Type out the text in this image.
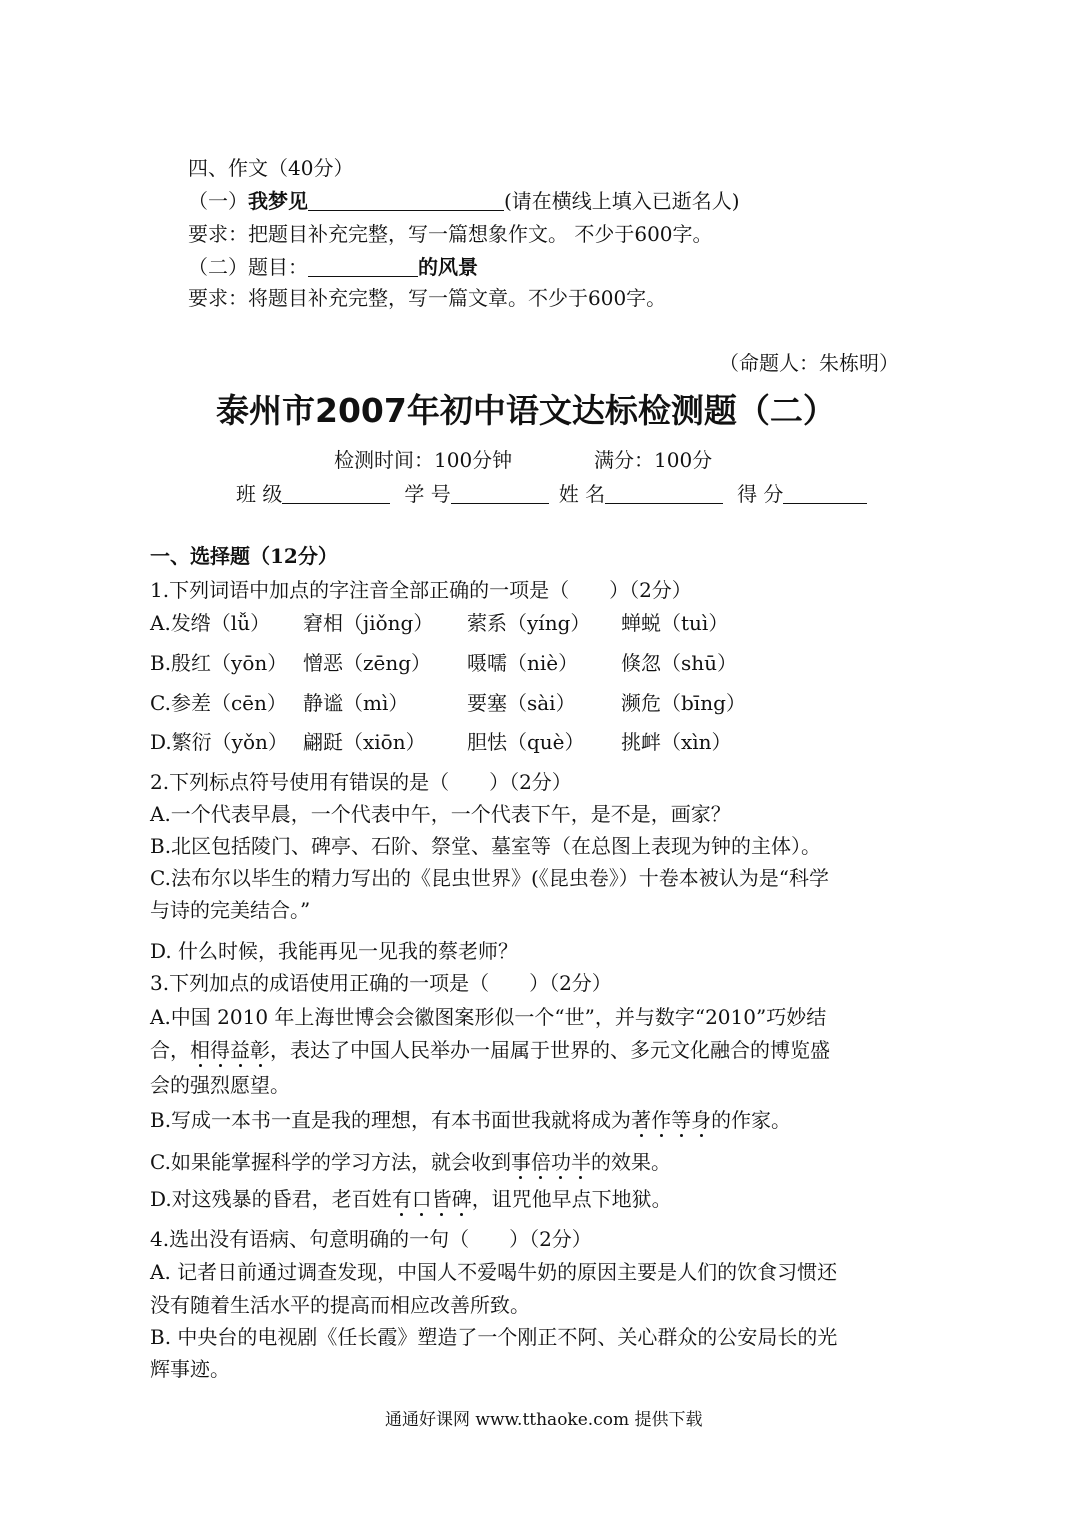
四、作文（40分）
（一）我梦见	(请在横线上填入已逝名人)
要求：把题目补充完整，写一篇想象作文。 不少于600字。
（二）题目：	的风景
要求：将题目补充完整，写一篇文章。不少于600字。
（命题人：朱栋明）
泰州市2007年初中语文达标检测题（二）
检测时间：100分钟	满分：100分
班 级	学 号	姓 名	得 分
一、选择题（12分）
1.下列词语中加点的字注音全部正确的一项是（　　）（2分）
A.发绺（lǚ） 窘相（jiǒng） 萦系（yíng） 蝉蜕（tuì）
B.殷红（yōn） 憎恶（zēng） 嗫嚅（niè） 倏忽（shū）
C.参差（cēn） 静谧（mì）	要塞（sài） 濒危（bīng）
D.繁衍（yǒn） 翩跹（xiōn） 胆怯（què） 挑衅（xìn）
2.下列标点符号使用有错误的是（　　）（2分）
A.一个代表早晨，一个代表中午，一个代表下午，是不是，画家？
B.北区包括陵门、碑亭、石阶、祭堂、墓室等（在总图上表现为钟的主体）。
C.法布尔以毕生的精力写出的《昆虫世界》(《昆虫卷》）十卷本被认为是“科学
与诗的完美结合。”
D. 什么时候，我能再见一见我的蔡老师？
3.下列加点的成语使用正确的一项是（　　）（2分）
A.中国 2010 年上海世博会会徽图案形似一个“世”，并与数字“2010”巧妙结
合，相得益彰，表达了中国人民举办一届属于世界的、多元文化融合的博览盛
会的强烈愿望。
B.写成一本书一直是我的理想，有本书面世我就将成为著作等身的作家。
C.如果能掌握科学的学习方法，就会收到事倍功半的效果。
D.对这残暴的昏君，老百姓有口皆碑，诅咒他早点下地狱。
4.选出没有语病、句意明确的一句（　　）（2分）
A. 记者日前通过调查发现，中国人不爱喝牛奶的原因主要是人们的饮食习惯还
没有随着生活水平的提高而相应改善所致。
B. 中央台的电视剧《任长霞》塑造了一个刚正不阿、关心群众的公安局长的光
辉事迹。
通通好课网 www.tthaoke.com 提供下载
